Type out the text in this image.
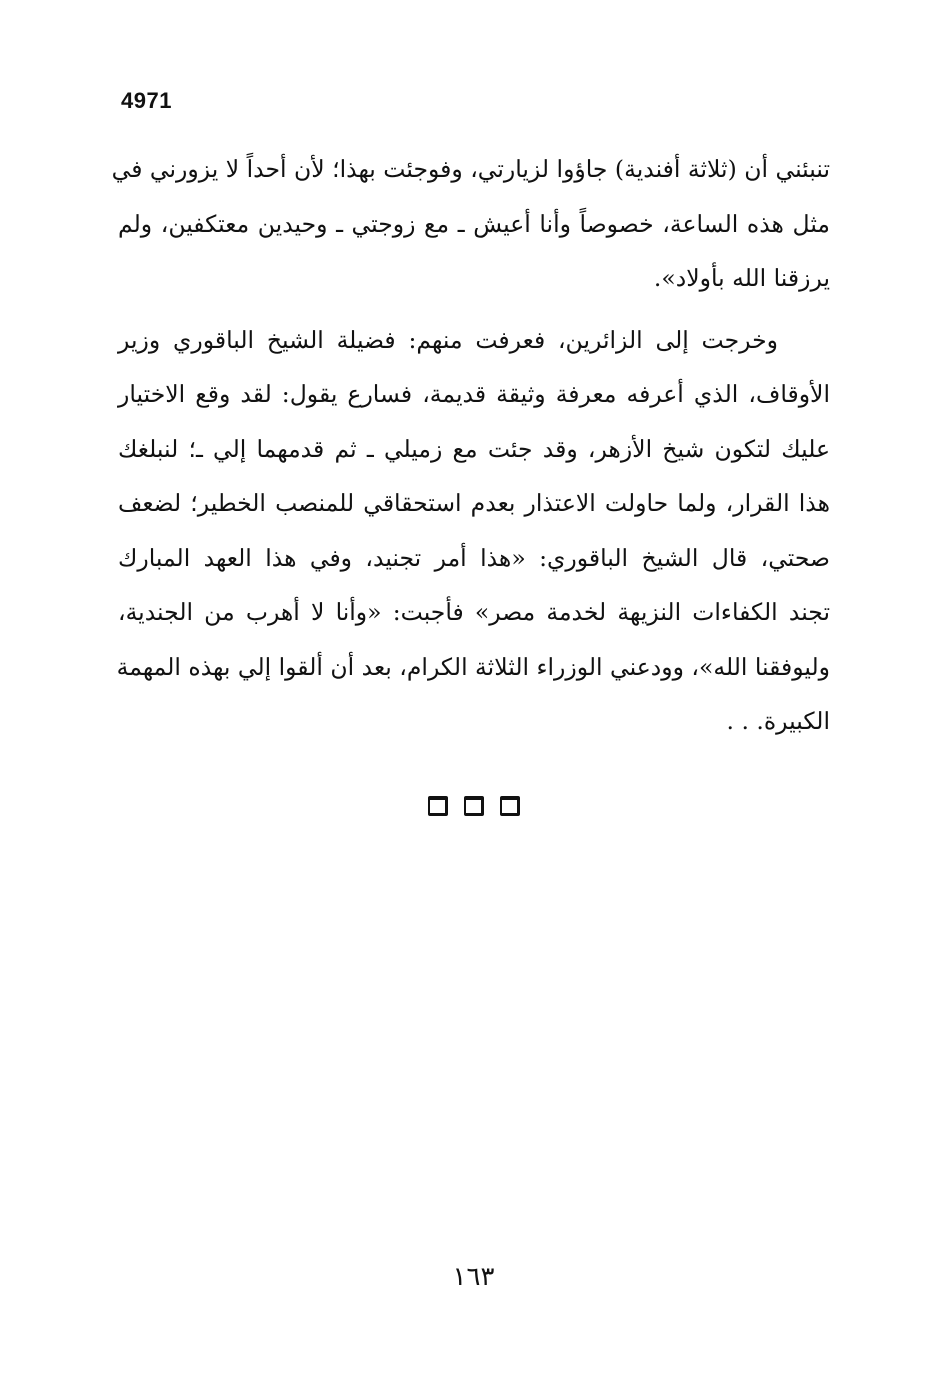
4971
تنبئني أن (ثلاثة أفندية) جاؤوا لزيارتي، وفوجئت بهذا؛ لأن أحداً لا يزورني في
مثل هذه الساعة، خصوصاً وأنا أعيش ـ مع زوجتي ـ وحيدين معتكفين، ولم
يرزقنا الله بأولاد».
وخرجت إلى الزائرين، فعرفت منهم: فضيلة الشيخ الباقوري وزير
الأوقاف، الذي أعرفه معرفة وثيقة قديمة، فسارع يقول: لقد وقع الاختيار
عليك لتكون شيخ الأزهر، وقد جئت مع زميلي ـ ثم قدمهما إلي ـ؛ لنبلغك
هذا القرار، ولما حاولت الاعتذار بعدم استحقاقي للمنصب الخطير؛ لضعف
صحتي، قال الشيخ الباقوري: «هذا أمر تجنيد، وفي هذا العهد المبارك
تجند الكفاءات النزيهة لخدمة مصر» فأجبت: «وأنا لا أهرب من الجندية،
وليوفقنا الله»، وودعني الوزراء الثلاثة الكرام، بعد أن ألقوا إلي بهذه المهمة
الكبيرة. . .
١٦٣
